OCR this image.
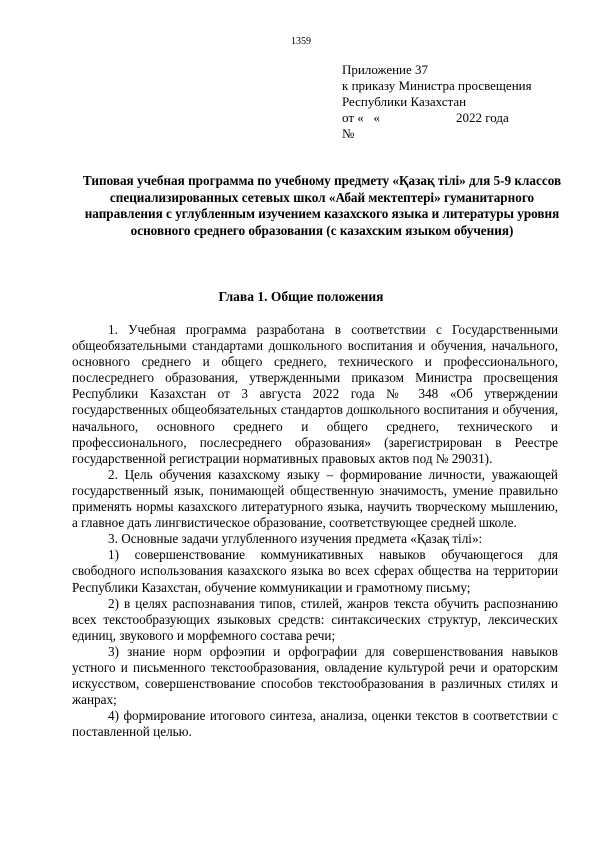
1359
Приложение 37
к приказу Министра просвещения
Республики Казахстан
от « «	2022 года
№
Типовая учебная программа по учебному предмету «Қазақ тілі» для 5-9 классов специализированных сетевых школ «Абай мектептері» гуманитарного направления с углубленным изучением казахского языка и литературы уровня основного среднего образования (с казахским языком обучения)
Глава 1. Общие положения

1. Учебная программа разработана в соответствии с Государственными общеобязательными стандартами дошкольного воспитания и обучения, начального, основного среднего и общего среднего, технического и профессионального, послесреднего образования, утвержденными приказом Министра просвещения Республики Казахстан от 3 августа 2022 года № 348 «Об утверждении государственных общеобязательных стандартов дошкольного воспитания и обучения, начального, основного среднего и общего среднего, технического и профессионального, послесреднего образования» (зарегистрирован в Реестре государственной регистрации нормативных правовых актов под № 29031).

2. Цель обучения казахскому языку – формирование личности, уважающей государственный язык, понимающей общественную значимость, умение правильно применять нормы казахского литературного языка, научить творческому мышлению, а главное дать лингвистическое образование, соответствующее средней школе.

3. Основные задачи углубленного изучения предмета «Қазақ тілі»:

1) совершенствование коммуникативных навыков обучающегося для свободного использования казахского языка во всех сферах общества на территории Республики Казахстан, обучение коммуникации и грамотному письму;

2) в целях распознавания типов, стилей, жанров текста обучить распознанию всех текстообразующих языковых средств: синтаксических структур, лексических единиц, звукового и морфемного состава речи;

3) знание норм орфоэпии и орфографии для совершенствования навыков устного и письменного текстообразования, овладение культурой речи и ораторским искусством, совершенствование способов текстообразования в различных стилях и жанрах;

4) формирование итогового синтеза, анализа, оценки текстов в соответствии с поставленной целью.
